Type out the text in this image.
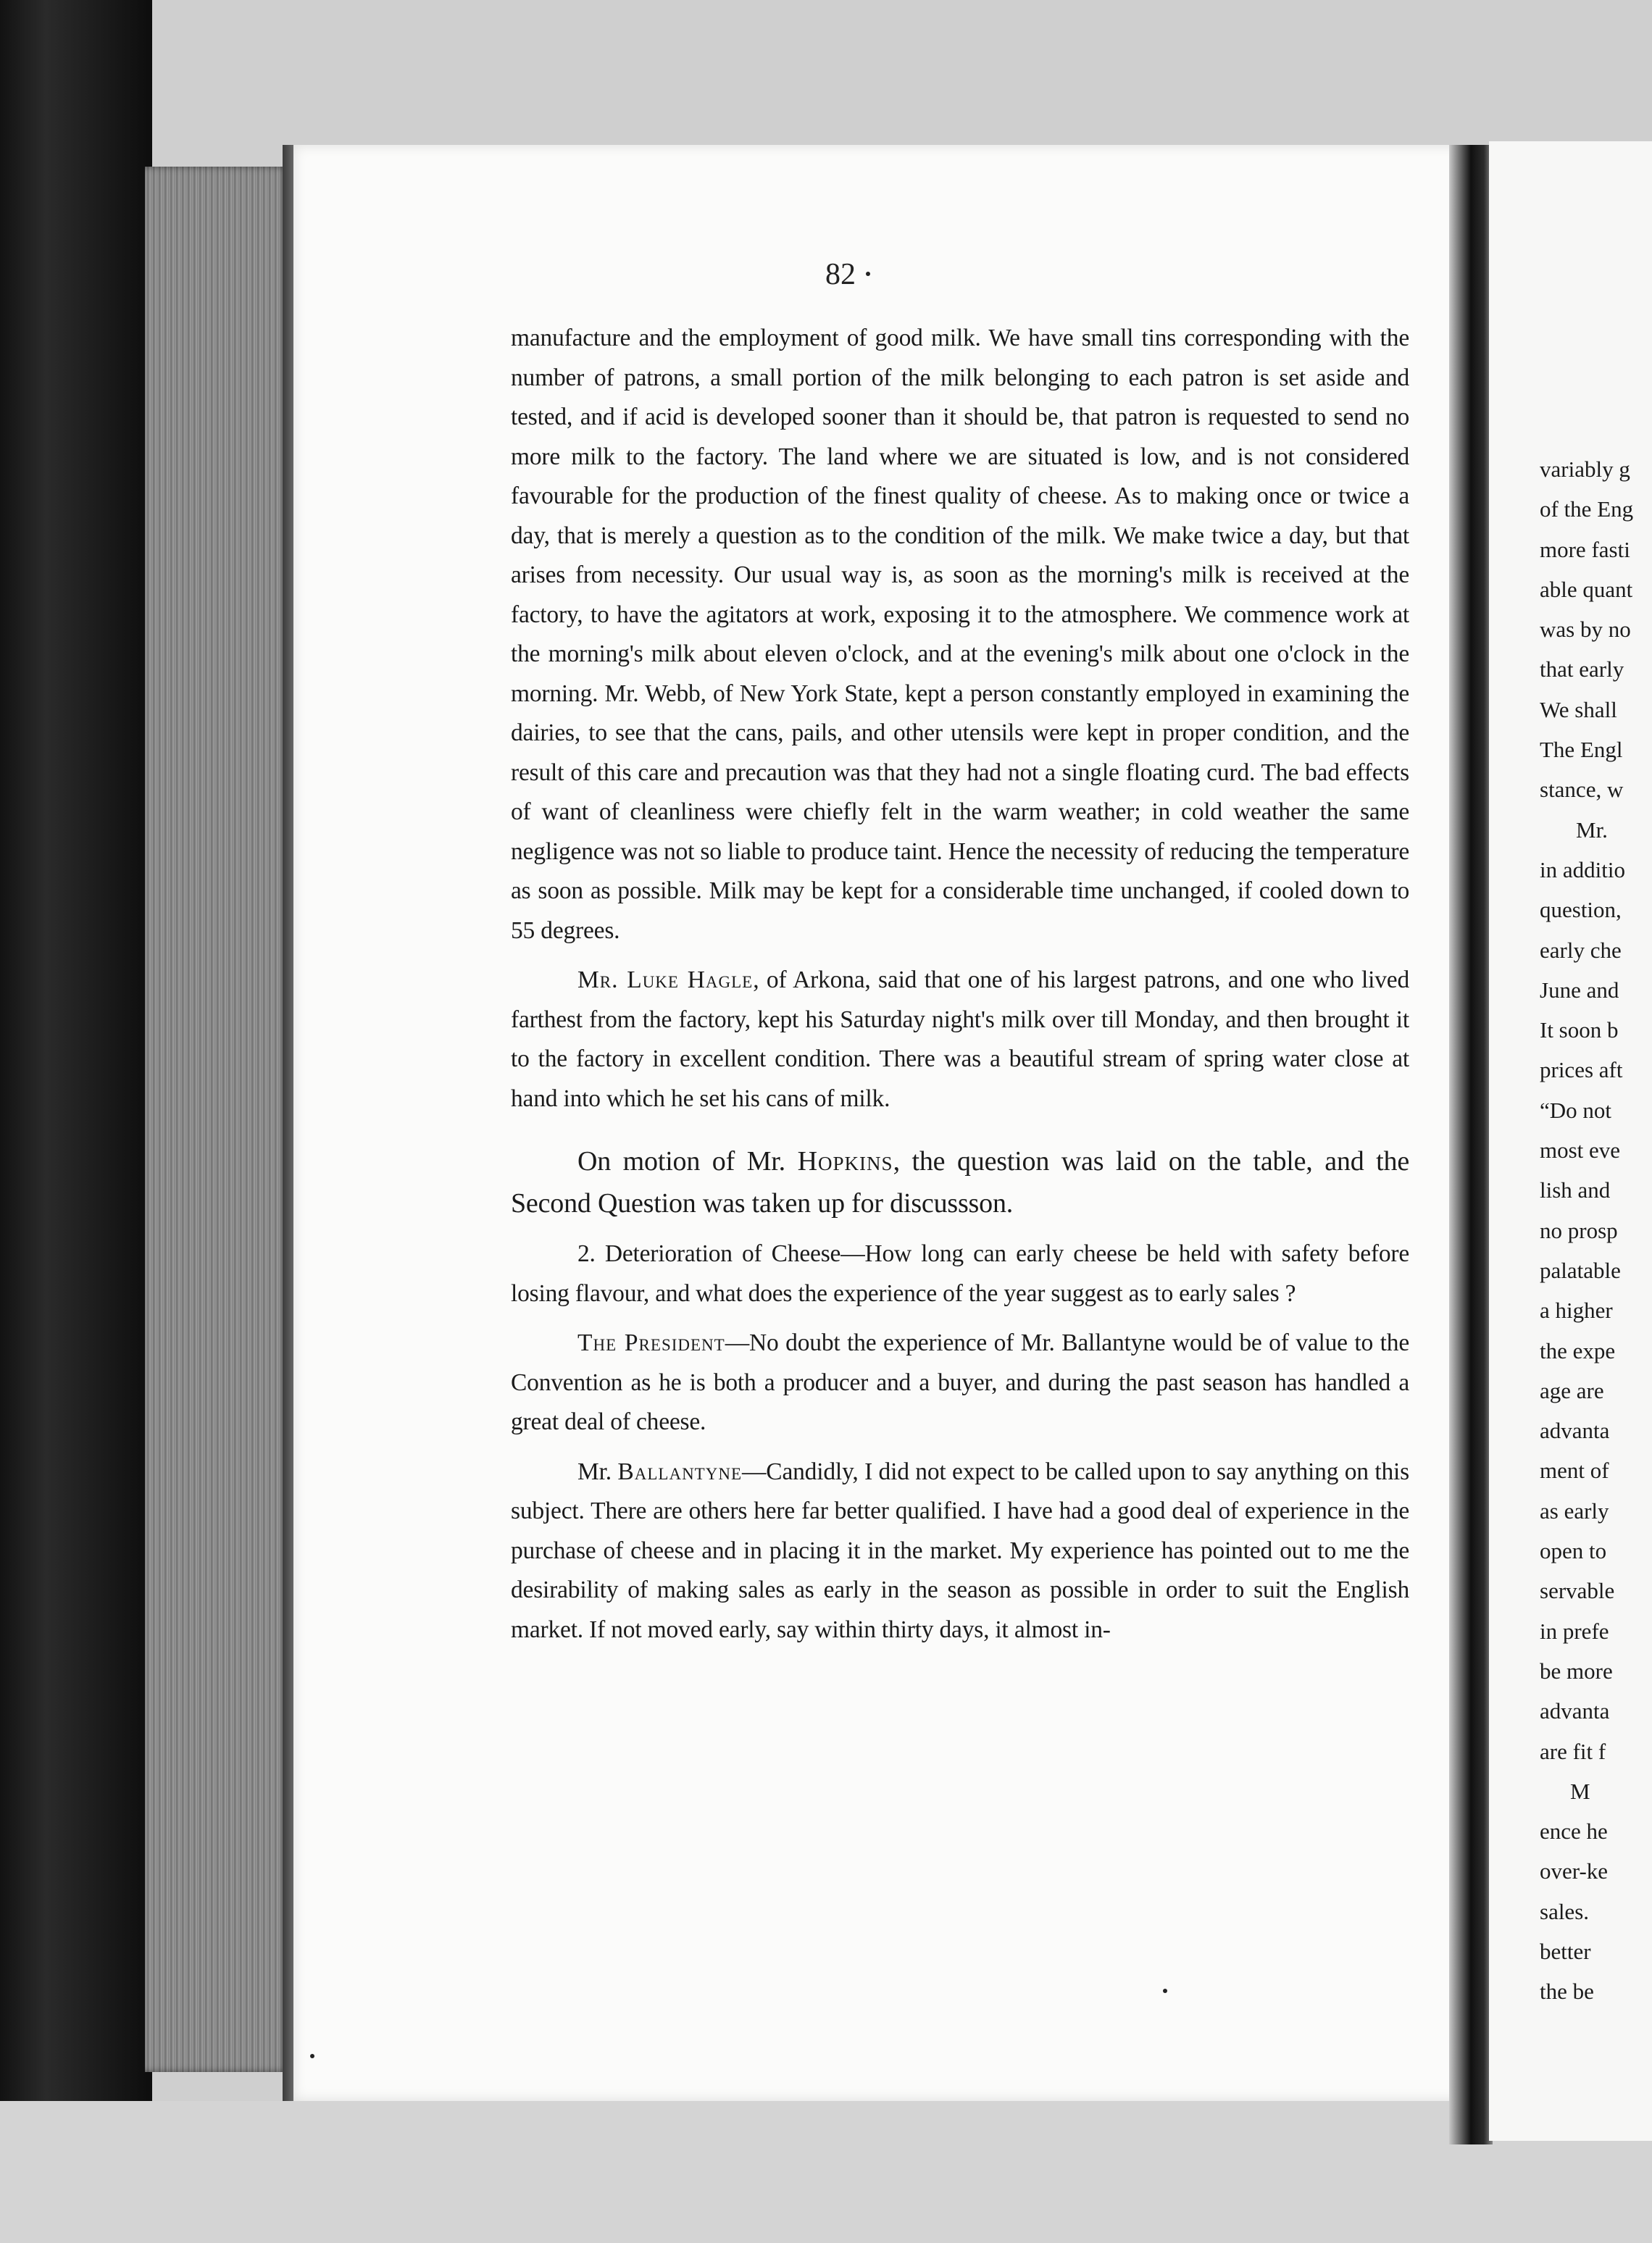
variably g
of the Eng
more fasti
able quant
was by no
that early
We shall
The Engl
stance, w
Mr.
in additio
question,
early che
June and
It soon b
prices aft
“Do not
most eve
lish and
no prosp
palatable
a higher
the expe
age are
advanta
ment of
as early
open to
servable
in prefe
be more
advanta
are fit f
M
ence he
over-ke
sales.
better
the be
82

manufacture and the employment of good milk. We have small tins corresponding with the number of patrons, a small portion of the milk belonging to each patron is set aside and tested, and if acid is developed sooner than it should be, that patron is requested to send no more milk to the factory. The land where we are situated is low, and is not considered favourable for the production of the finest quality of cheese. As to making once or twice a day, that is merely a question as to the condition of the milk. We make twice a day, but that arises from necessity. Our usual way is, as soon as the morning's milk is received at the factory, to have the agitators at work, exposing it to the atmosphere. We commence work at the morning's milk about eleven o'clock, and at the evening's milk about one o'clock in the morning. Mr. Webb, of New York State, kept a person constantly employed in examining the dairies, to see that the cans, pails, and other utensils were kept in proper condition, and the result of this care and precaution was that they had not a single floating curd. The bad effects of want of cleanliness were chiefly felt in the warm weather; in cold weather the same negligence was not so liable to produce taint. Hence the necessity of reducing the temperature as soon as possible. Milk may be kept for a considerable time unchanged, if cooled down to 55 degrees.

Mr. Luke Hagle, of Arkona, said that one of his largest patrons, and one who lived farthest from the factory, kept his Saturday night's milk over till Monday, and then brought it to the factory in excellent condition. There was a beautiful stream of spring water close at hand into which he set his cans of milk.

On motion of Mr. Hopkins, the question was laid on the table, and the Second Question was taken up for discussson.

2. Deterioration of Cheese—How long can early cheese be held with safety before losing flavour, and what does the experience of the year suggest as to early sales ?

The President—No doubt the experience of Mr. Ballantyne would be of value to the Convention as he is both a producer and a buyer, and during the past season has handled a great deal of cheese.

Mr. Ballantyne—Candidly, I did not expect to be called upon to say anything on this subject. There are others here far better qualified. I have had a good deal of experience in the purchase of cheese and in placing it in the market. My experience has pointed out to me the desirability of making sales as early in the season as possible in order to suit the English market. If not moved early, say within thirty days, it almost in-
